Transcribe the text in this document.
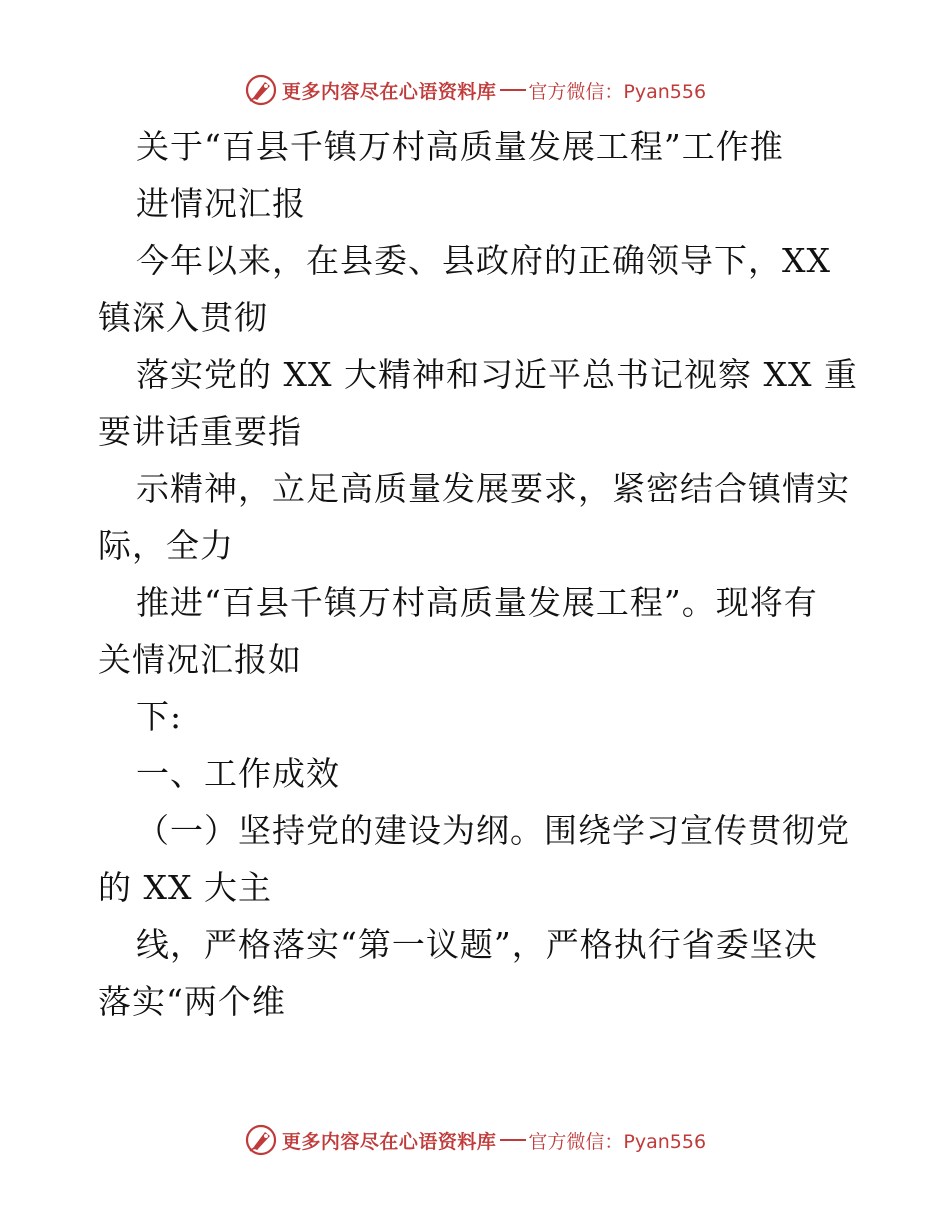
更多内容尽在心语资料库 官方微信：Pyan556
关于“百县千镇万村高质量发展工程”工作推
进情况汇报
今年以来，在县委、县政府的正确领导下，XX
镇深入贯彻
落实党的 XX 大精神和习近平总书记视察 XX 重
要讲话重要指
示精神，立足高质量发展要求，紧密结合镇情实
际，全力
推进“百县千镇万村高质量发展工程”。现将有
关情况汇报如
下:
一、工作成效
（一）坚持党的建设为纲。围绕学习宣传贯彻党
的 XX 大主
线，严格落实“第一议题”，严格执行省委坚决
落实“两个维
更多内容尽在心语资料库 官方微信：Pyan556
